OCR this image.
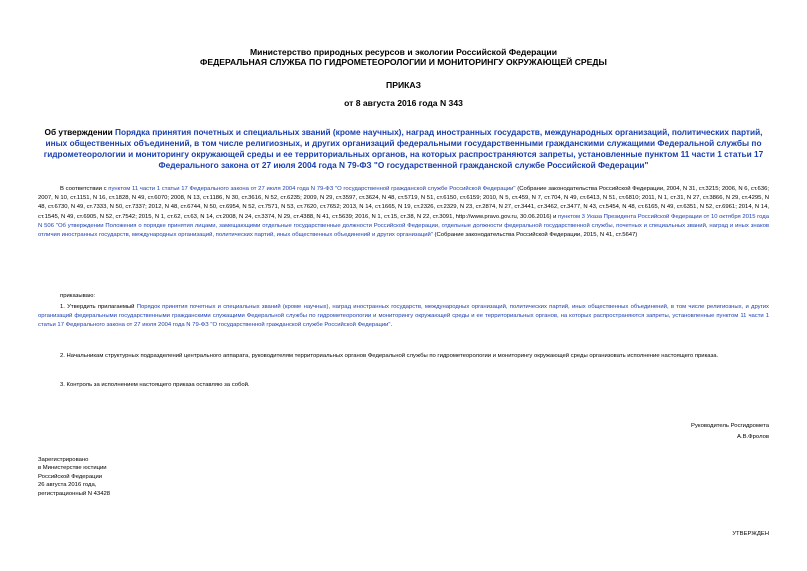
Министерство природных ресурсов и экологии Российской Федерации
ФЕДЕРАЛЬНАЯ СЛУЖБА ПО ГИДРОМЕТЕОРОЛОГИИ И МОНИТОРИНГУ ОКРУЖАЮЩЕЙ СРЕДЫ
ПРИКАЗ
от 8 августа 2016 года N 343
Об утверждении Порядка принятия почетных и специальных званий (кроме научных), наград иностранных государств, международных организаций, политических партий, иных общественных объединений, в том числе религиозных, и других организаций федеральными государственными гражданскими служащими Федеральной службы по гидрометеорологии и мониторингу окружающей среды и ее территориальных органов, на которых распространяются запреты, установленные пунктом 11 части 1 статьи 17 Федерального закона от 27 июля 2004 года N 79-ФЗ "О государственной гражданской службе Российской Федерации"
В соответствии с пунктом 11 части 1 статьи 17 Федерального закона от 27 июля 2004 года N 79-ФЗ "О государственной гражданской службе Российской Федерации" (Собрание законодательства Российской Федерации, 2004, N 31, ст.3215; 2006, N 6, ст.636; 2007, N 10, ст.1151, N 16, ст.1828, N 49, ст.6070; 2008, N 13, ст.1186, N 30, ст.3616, N 52, ст.6235; 2009, N 29, ст.3597, ст.3624, N 48, ст.5719, N 51, ст.6150, ст.6159; 2010, N 5, ст.459, N 7, ст.704, N 49, ст.6413, N 51, ст.6810; 2011, N 1, ст.31, N 27, ст.3866, N 29, ст.4295, N 48, ст.6730, N 49, ст.7333, N 50, ст.7337; 2012, N 48, ст.6744, N 50, ст.6954, N 52, ст.7571, N 53, ст.7620, ст.7652; 2013, N 14, ст.1665, N 19, ст.2326, ст.2329, N 23, ст.2874, N 27, ст.3441, ст.3462, ст.3477, N 43, ст.5454, N 48, ст.6165, N 49, ст.6351, N 52, ст.6961; 2014, N 14, ст.1545, N 49, ст.6905, N 52, ст.7542; 2015, N 1, ст.62, ст.63, N 14, ст.2008, N 24, ст.3374, N 29, ст.4388, N 41, ст.5639; 2016, N 1, ст.15, ст.38, N 22, ст.3091, http://www.pravo.gov.ru, 30.06.2016) и пунктом 3 Указа Президента Российской Федерации от 10 октября 2015 года N 506 "Об утверждении Положения о порядке принятия лицами, замещающими отдельные государственные должности Российской Федерации, отдельные должности федеральной государственной службы, почетных и специальных званий, наград и иных знаков отличия иностранных государств, международных организаций, политических партий, иных общественных объединений и других организаций" (Собрание законодательства Российской Федерации, 2015, N 41, ст.5647)
приказываю:
1. Утвердить прилагаемый Порядок принятия почетных и специальных званий (кроме научных), наград иностранных государств, международных организаций, политических партий, иных общественных объединений, в том числе религиозных, и других организаций федеральными государственными гражданскими служащими Федеральной службы по гидрометеорологии и мониторингу окружающей среды и ее территориальных органов, на которых распространяются запреты, установленные пунктом 11 части 1 статьи 17 Федерального закона от 27 июля 2004 года N 79-ФЗ "О государственной гражданской службе Российской Федерации".
2. Начальникам структурных подразделений центрального аппарата, руководителям территориальных органов Федеральной службы по гидрометеорологии и мониторингу окружающей среды организовать исполнение настоящего приказа.
3. Контроль за исполнением настоящего приказа оставляю за собой.
Руководитель Росгидромета
А.В.Фролов
Зарегистрировано
в Министерстве юстиции
Российской Федерации
26 августа 2016 года,
регистрационный N 43428
УТВЕРЖДЕН
